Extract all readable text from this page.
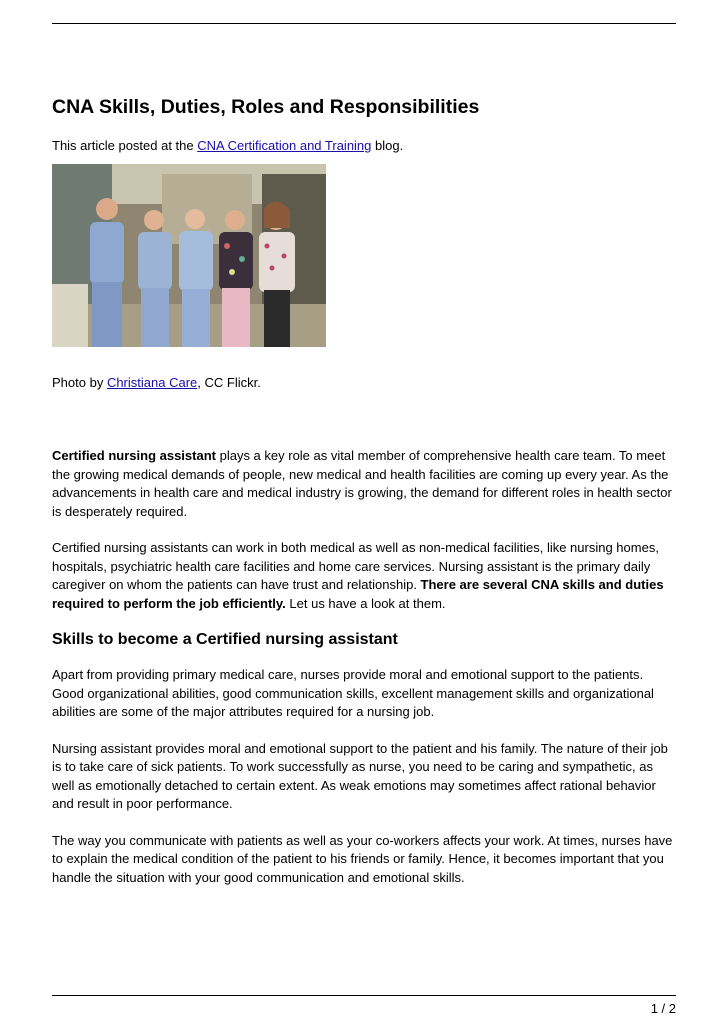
CNA Skills, Duties, Roles and Responsibilities

This article posted at the CNA Certification and Training blog.

Photo by Christiana Care, CC Flickr.

Certified nursing assistant plays a key role as vital member of comprehensive health care team. To meet the growing medical demands of people, new medical and health facilities are coming up every year. As the advancements in health care and medical industry is growing, the demand for different roles in health sector is desperately required.

Certified nursing assistants can work in both medical as well as non-medical facilities, like nursing homes, hospitals, psychiatric health care facilities and home care services. Nursing assistant is the primary daily caregiver on whom the patients can have trust and relationship. There are several CNA skills and duties required to perform the job efficiently. Let us have a look at them.

Skills to become a Certified nursing assistant

Apart from providing primary medical care, nurses provide moral and emotional support to the patients. Good organizational abilities, good communication skills, excellent management skills and organizational abilities are some of the major attributes required for a nursing job.

Nursing assistant provides moral and emotional support to the patient and his family. The nature of their job is to take care of sick patients. To work successfully as nurse, you need to be caring and sympathetic, as well as emotionally detached to certain extent. As weak emotions may sometimes affect rational behavior and result in poor performance.

The way you communicate with patients as well as your co-workers affects your work. At times, nurses have to explain the medical condition of the patient to his friends or family. Hence, it becomes important that you handle the situation with your good communication and emotional skills.

1 / 2
